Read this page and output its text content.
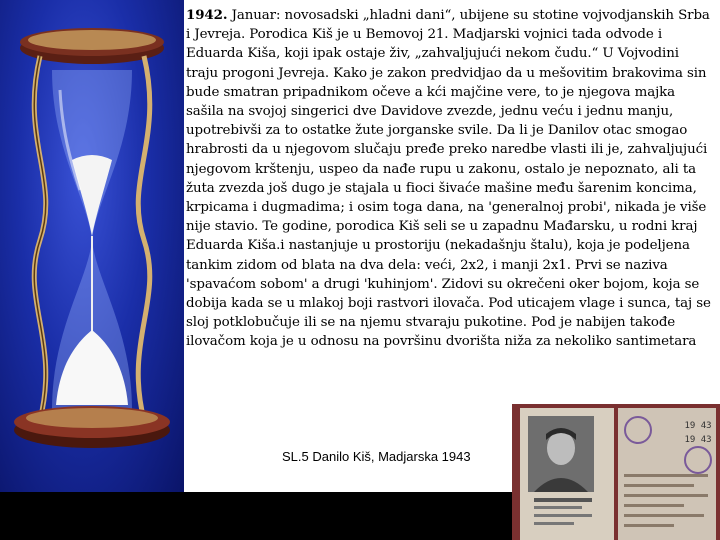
1942. Januar: novosadski „hladni dani“, ubijene su stotine vojvodjanskih Srba i Jevreja. Porodica Kiš je u Bemovoj 21. Madjarski vojnici tada odvode i Eduarda Kiša, koji ipak ostaje živ, „zahvaljujući nekom čudu.“ U Vojvodini traju progoni Jevreja. Kako je zakon predvidjao da u mešovitim brakovima sin bude smatran pripadnikom očeve a kći majčine vere, to je njegova majka sašila na svojoj singerici dve Davidove zvezde, jednu veću i jednu manju, upotrebivši za to ostatke žute jorganske svile. Da li je Danilov otac smogao hrabrosti da u njegovom slučaju pređe preko naredbe vlasti ili je, zahvaljujući njegovom krštenju, uspeo da nađe rupu u zakonu, ostalo je nepoznato, ali ta žuta zvezda još dugo je stajala u fioci šivaće mašine među šarenim koncima, krpicama i dugmadima; i osim toga dana, na 'generalnoj probi', nikada je više nije stavio. Te godine, porodica Kiš seli se u zapadnu Mađarsku, u rodni kraj Eduarda Kiša.i nastanjuje u prostoriju (nekadašnju štalu), koja je podeljena tankim zidom od blata na dva dela: veći, 2x2, i manji 2x1. Prvi se naziva 'spavaćom sobom' a drugi 'kuhinjom'. Zidovi su okrečeni oker bojom, koja se dobija kada se u mlakoj boji rastvori ilovača. Pod uticajem vlage i sunca, taj se sloj potklobučuje ili se na njemu stvaraju pukotine. Pod je nabijen takođe ilovačom koja je u odnosu na površinu dvorišta niža za nekoliko santimetara
SL.5 Danilo Kiš, Madjarska 1943
19 43
19 43
